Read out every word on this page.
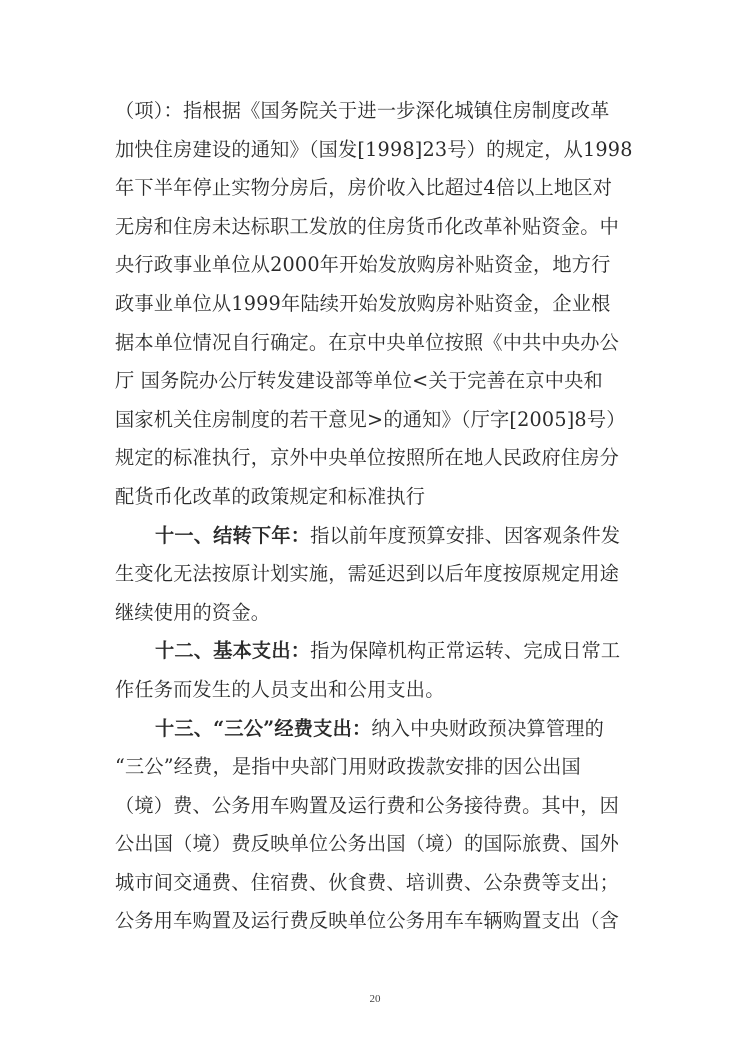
（项）：指根据《国务院关于进一步深化城镇住房制度改革
加快住房建设的通知》（国发[1998]23号）的规定，从1998
年下半年停止实物分房后，房价收入比超过4倍以上地区对
无房和住房未达标职工发放的住房货币化改革补贴资金。中
央行政事业单位从2000年开始发放购房补贴资金，地方行
政事业单位从1999年陆续开始发放购房补贴资金，企业根
据本单位情况自行确定。在京中央单位按照《中共中央办公
厅 国务院办公厅转发建设部等单位<关于完善在京中央和
国家机关住房制度的若干意见>的通知》（厅字[2005]8号）
规定的标准执行，京外中央单位按照所在地人民政府住房分
配货币化改革的政策规定和标准执行

十一、结转下年：指以前年度预算安排、因客观条件发
生变化无法按原计划实施，需延迟到以后年度按原规定用途
继续使用的资金。

十二、基本支出：指为保障机构正常运转、完成日常工
作任务而发生的人员支出和公用支出。

十三、“三公”经费支出：纳入中央财政预决算管理的
“三公”经费，是指中央部门用财政拨款安排的因公出国
（境）费、公务用车购置及运行费和公务接待费。其中，因
公出国（境）费反映单位公务出国（境）的国际旅费、国外
城市间交通费、住宿费、伙食费、培训费、公杂费等支出；
公务用车购置及运行费反映单位公务用车车辆购置支出（含

20
